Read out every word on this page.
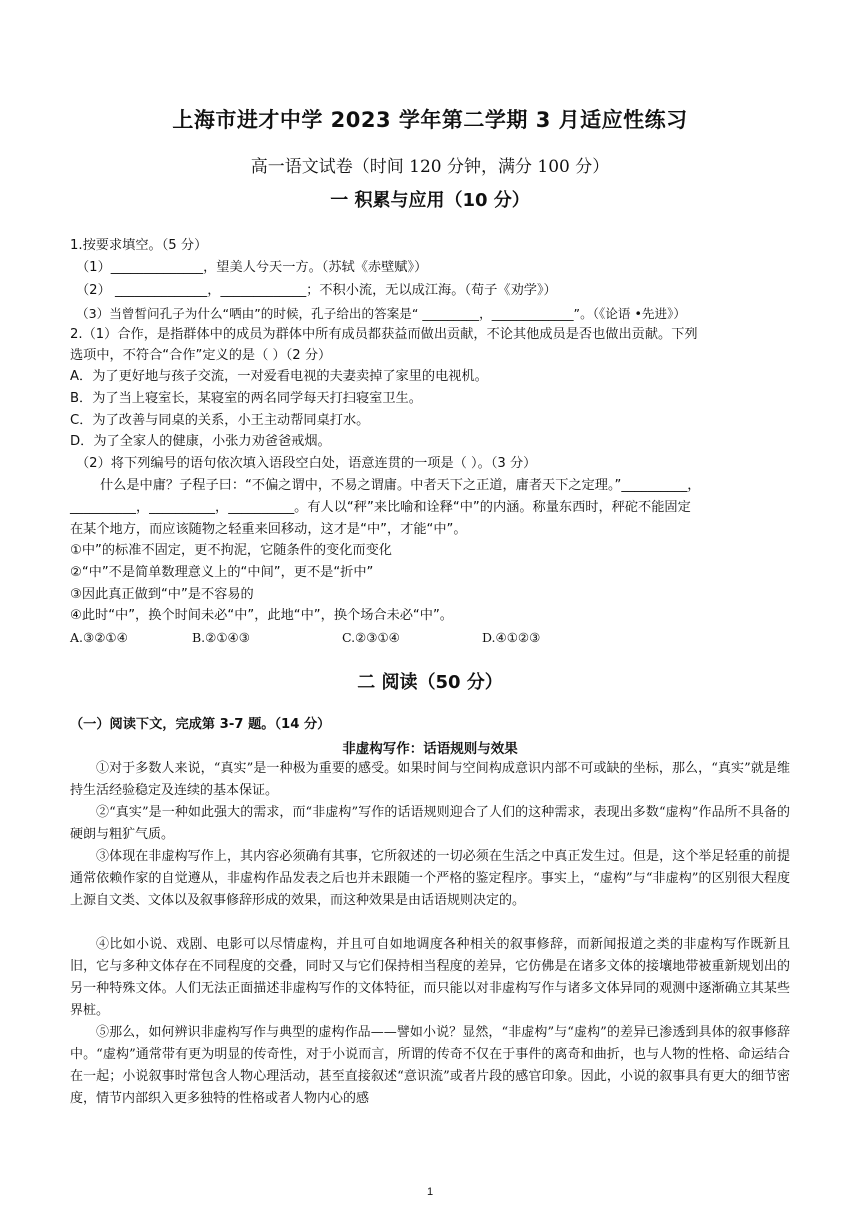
上海市进才中学 2023 学年第二学期 3 月适应性练习
高一语文试卷（时间 120 分钟，满分 100 分）
一 积累与应用（10 分）
1.按要求填空。（5 分）
（1）______________，望美人兮天一方。（苏轼《赤壁赋》）
（2） ______________，_____________；不积小流，无以成江海。（荀子《劝学》）
（3）当曾皙问孔子为什么“哂由”的时候，孔子给出的答案是“ _________，_____________”。（《论语 •先进》）
2.（1）合作，是指群体中的成员为群体中所有成员都获益而做出贡献，不论其他成员是否也做出贡献。下列
选项中，不符合“合作”定义的是（ ）（2 分）
A．为了更好地与孩子交流，一对爱看电视的夫妻卖掉了家里的电视机。
B．为了当上寝室长，某寝室的两名同学每天打扫寝室卫生。
C．为了改善与同桌的关系，小王主动帮同桌打水。
D．为了全家人的健康，小张力劝爸爸戒烟。
（2）将下列编号的语句依次填入语段空白处，语意连贯的一项是（ ）。（3 分）
什么是中庸？子程子曰：“不偏之谓中，不易之谓庸。中者天下之正道，庸者天下之定理。”__________，
__________，__________，__________。有人以“秤”来比喻和诠释“中”的内涵。称量东西时，秤砣不能固定
在某个地方，而应该随物之轻重来回移动，这才是“中”，才能“中”。
①中”的标准不固定，更不拘泥，它随条件的变化而变化
②“中”不是简单数理意义上的“中间”，更不是“折中”
③因此真正做到“中”是不容易的
④此时“中”，换个时间未必“中”，此地“中”，换个场合未必“中”。
A.③②①④	B.②①④③	C.②③①④	D.④①②③
二 阅读（50 分）
（一）阅读下文，完成第 3-7 题。（14 分）
非虚构写作：话语规则与效果
①对于多数人来说，“真实”是一种极为重要的感受。如果时间与空间构成意识内部不可或缺的坐标，那么，“真实”就是维持生活经验稳定及连续的基本保证。
②“真实”是一种如此强大的需求，而“非虚构”写作的话语规则迎合了人们的这种需求，表现出多数“虚构”作品所不具备的硬朗与粗犷气质。
③体现在非虚构写作上，其内容必须确有其事，它所叙述的一切必须在生活之中真正发生过。但是，这个举足轻重的前提通常依赖作家的自觉遵从，非虚构作品发表之后也并未跟随一个严格的鉴定程序。事实上，“虚构”与“非虚构”的区别很大程度上源自文类、文体以及叙事修辞形成的效果，而这种效果是由话语规则决定的。
④比如小说、戏剧、电影可以尽情虚构，并且可自如地调度各种相关的叙事修辞，而新闻报道之类的非虚构写作既新且旧，它与多种文体存在不同程度的交叠，同时又与它们保持相当程度的差异，它仿佛是在诸多文体的接壤地带被重新规划出的另一种特殊文体。人们无法正面描述非虚构写作的文体特征，而只能以对非虚构写作与诸多文体异同的观测中逐渐确立其某些界桩。
⑤那么，如何辨识非虚构写作与典型的虚构作品——譬如小说？显然，“非虚构”与“虚构”的差异已渗透到具体的叙事修辞中。“虚构”通常带有更为明显的传奇性，对于小说而言，所谓的传奇不仅在于事件的离奇和曲折，也与人物的性格、命运结合在一起；小说叙事时常包含人物心理活动，甚至直接叙述“意识流”或者片段的感官印象。因此，小说的叙事具有更大的细节密度，情节内部织入更多独特的性格或者人物内心的感
1
